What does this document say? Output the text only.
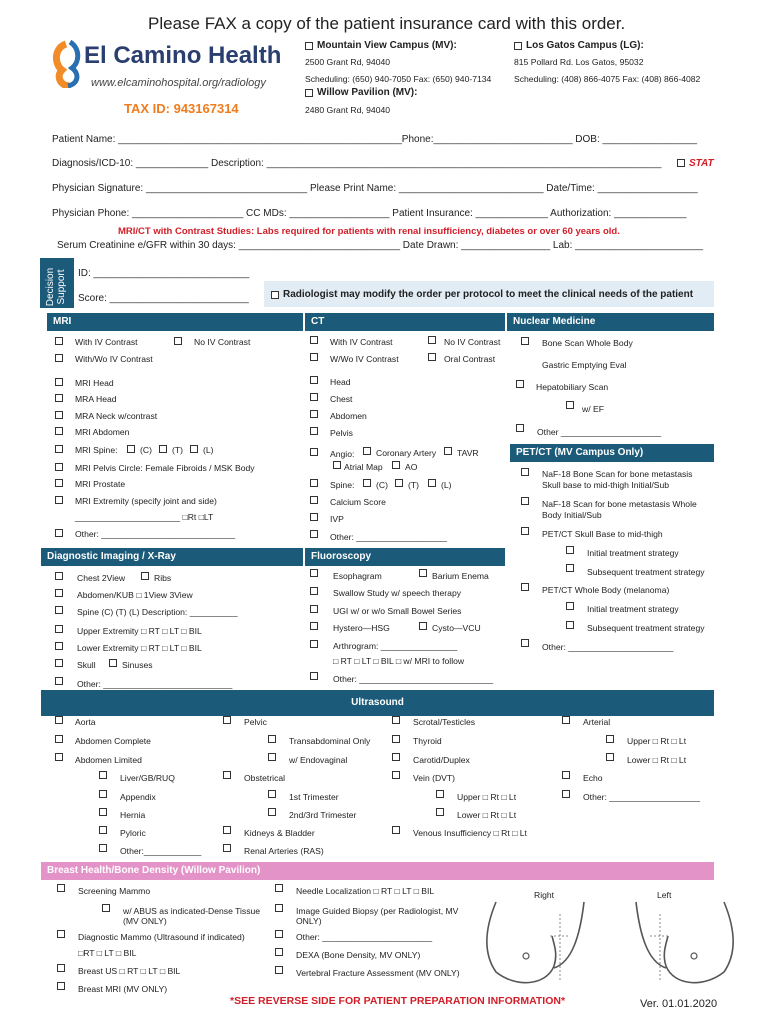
Please FAX a copy of the patient insurance card with this order.
El Camino Health
www.elcaminohospital.org/radiology
TAX ID: 943167314
Mountain View Campus (MV):
2500 Grant Rd, 94040
Scheduling: (650) 940-7050 Fax: (650) 940-7134
Los Gatos Campus (LG):
815 Pollard Rd. Los Gatos, 95032
Scheduling: (408) 866-4075 Fax: (408) 866-4082
Willow Pavilion (MV):
2480 Grant Rd, 94040
Patient Name: ___________________________________________________Phone:_________________________ DOB: _________________
Diagnosis/ICD-10: _____________ Description: _______________________________________________________________________	STAT
Physician Signature: _____________________________ Please Print Name: __________________________ Date/Time: __________________
Physician Phone: ____________________ CC MDs: __________________ Patient Insurance: _____________ Authorization: _____________
MRI/CT with Contrast Studies: Labs required for patients with renal insufficiency, diabetes or over 60 years old.
Serum Creatinine e/GFR within 30 days: _____________________________ Date Drawn: ________________ Lab: _______________________
Decision Support ID: ____________________________
Score: _________________________	Radiologist may modify the order per protocol to meet the clinical needs of the patient
MRI	CT	Nuclear Medicine
With IV Contrast	No IV Contrast
With/Wo IV Contrast
MRI Head
MRA Head
MRA Neck w/contrast
MRI Abdomen
MRI Spine:	(C) (T) (L)
MRI Pelvis Circle: Female Fibroids / MSK Body
MRI Prostate
MRI Extremity (specify joint and side)
______________________ □Rt □LT
Other: ____________________________
With IV Contrast	No IV Contrast
W/Wo IV Contrast	Oral Contrast
Head
Chest
Abdomen
Pelvis
Angio:	Coronary Artery TAVR
Atrial Map	AO
Spine:	(C) (T)	(L)
Calcium Score
IVP
Other: ___________________
Bone Scan Whole Body
Gastric Emptying Eval
Hepatobiliary Scan
w/ EF
Other _____________________
PET/CT (MV Campus Only)
NaF-18 Bone Scan for bone metastasis
Skull base to mid-thigh Initial/Sub
NaF-18 Scan for bone metastasis Whole
Body Initial/Sub
PET/CT Skull Base to mid-thigh
Initial treatment strategy
Subsequent treatment strategy
PET/CT Whole Body (melanoma)
Initial treatment strategy
Subsequent treatment strategy
Other: ______________________
Diagnostic Imaging / X-Ray	Fluoroscopy
Chest 2View	Ribs
Abdomen/KUB □ 1View 3View
Spine (C) (T) (L) Description: __________
Upper Extremity □ RT □ LT □ BIL
Lower Extremity □ RT □ LT □ BIL
Skull	Sinuses
Other: ___________________________
Esophagram	Barium Enema
Swallow Study w/ speech therapy
UGI w/ or w/o Small Bowel Series
Hystero—HSG	Cysto—VCU
Arthrogram: ________________
□ RT □ LT □ BIL □ w/ MRI to follow
Other: ____________________________
Ultrasound
Aorta
Abdomen Complete
Abdomen Limited
Liver/GB/RUQ
Appendix
Hernia
Pyloric
Other:____________
Pelvic
Transabdominal Only
w/ Endovaginal
Obstetrical
1st Trimester
2nd/3rd Trimester
Kidneys & Bladder
Renal Arteries (RAS)
Scrotal/Testicles
Thyroid
Carotid/Duplex
Vein (DVT)
Upper □ Rt □ Lt
Lower □ Rt □ Lt
Venous Insufficiency □ Rt □ Lt
Arterial
Upper □ Rt □ Lt
Lower □ Rt □ Lt
Echo
Other: ___________________
Breast Health/Bone Density (Willow Pavilion)
Screening Mammo
w/ ABUS as indicated-Dense Tissue
(MV ONLY)
Diagnostic Mammo (Ultrasound if indicated)
□RT □ LT □ BIL
Breast US □ RT □ LT □ BIL
Breast MRI (MV ONLY)
Needle Localization □ RT □ LT □ BIL
Image Guided Biopsy (per Radiologist, MV
ONLY)
Other: _______________________
DEXA (Bone Density, MV ONLY)
Vertebral Fracture Assessment (MV ONLY)
Right	Left
*SEE REVERSE SIDE FOR PATIENT PREPARATION INFORMATION*	Ver. 01.01.2020
